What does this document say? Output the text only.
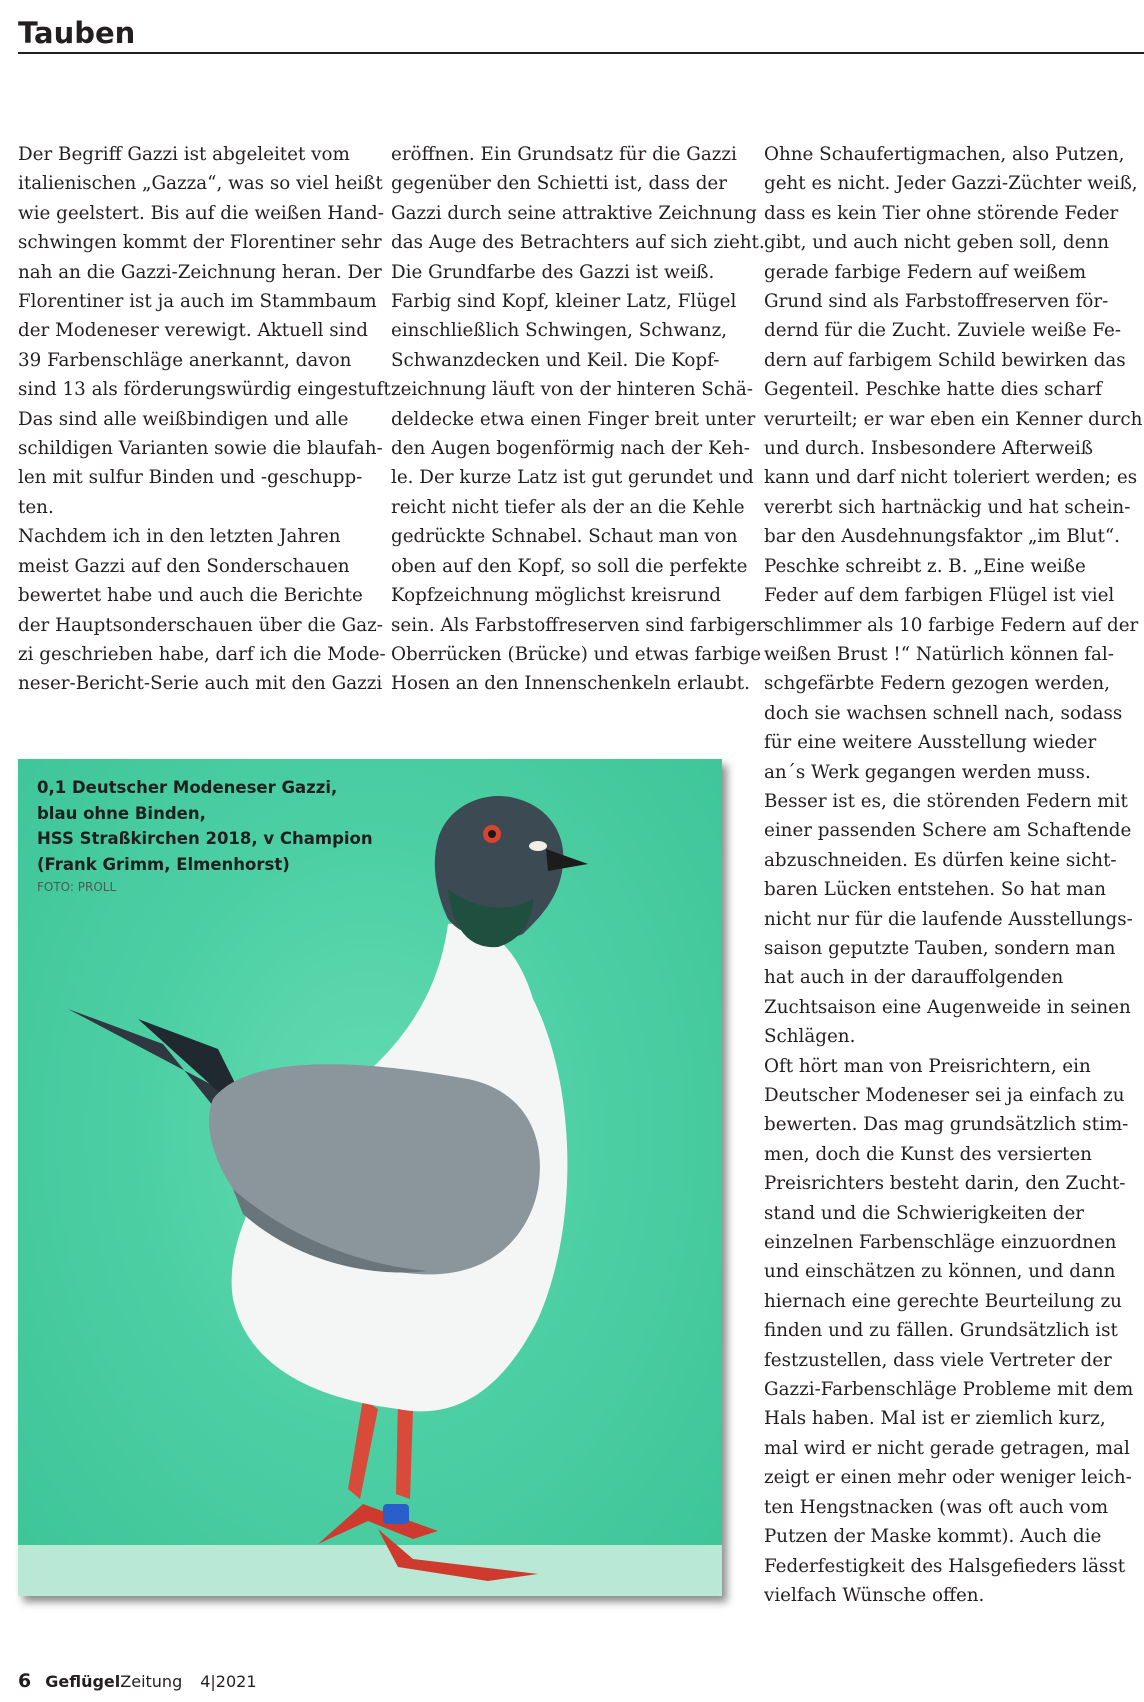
Tauben
Der Begriff Gazzi ist abgeleitet vom
italienischen „Gazza“, was so viel heißt
wie geelstert. Bis auf die weißen Hand-
schwingen kommt der Florentiner sehr
nah an die Gazzi-Zeichnung heran. Der
Florentiner ist ja auch im Stammbaum
der Modeneser verewigt. Aktuell sind
39 Farbenschläge anerkannt, davon
sind 13 als förderungswürdig eingestuft.
Das sind alle weißbindigen und alle
schildigen Varianten sowie die blaufah-
len mit sulfur Binden und -geschupp-
ten.
Nachdem ich in den letzten Jahren
meist Gazzi auf den Sonderschauen
bewertet habe und auch die Berichte
der Hauptsonderschauen über die Gaz-
zi geschrieben habe, darf ich die Mode-
neser-Bericht-Serie auch mit den Gazzi
eröffnen. Ein Grundsatz für die Gazzi
gegenüber den Schietti ist, dass der
Gazzi durch seine attraktive Zeichnung
das Auge des Betrachters auf sich zieht.
Die Grundfarbe des Gazzi ist weiß.
Farbig sind Kopf, kleiner Latz, Flügel
einschließlich Schwingen, Schwanz,
Schwanzdecken und Keil. Die Kopf-
zeichnung läuft von der hinteren Schä-
deldecke etwa einen Finger breit unter
den Augen bogenförmig nach der Keh-
le. Der kurze Latz ist gut gerundet und
reicht nicht tiefer als der an die Kehle
gedrückte Schnabel. Schaut man von
oben auf den Kopf, so soll die perfekte
Kopfzeichnung möglichst kreisrund
sein. Als Farbstoffreserven sind farbiger
Oberrücken (Brücke) und etwas farbige
Hosen an den Innenschenkeln erlaubt.
Ohne Schaufertigmachen, also Putzen,
geht es nicht. Jeder Gazzi-Züchter weiß,
dass es kein Tier ohne störende Feder
gibt, und auch nicht geben soll, denn
gerade farbige Federn auf weißem
Grund sind als Farbstoffreserven för-
dernd für die Zucht. Zuviele weiße Fe-
dern auf farbigem Schild bewirken das
Gegenteil. Peschke hatte dies scharf
verurteilt; er war eben ein Kenner durch
und durch. Insbesondere Afterweiß
kann und darf nicht toleriert werden; es
vererbt sich hartnäckig und hat schein-
bar den Ausdehnungsfaktor „im Blut“.
Peschke schreibt z. B. „Eine weiße
Feder auf dem farbigen Flügel ist viel
schlimmer als 10 farbige Federn auf der
weißen Brust !“ Natürlich können fal-
schgefärbte Federn gezogen werden,
doch sie wachsen schnell nach, sodass
für eine weitere Ausstellung wieder
an´s Werk gegangen werden muss.
Besser ist es, die störenden Federn mit
einer passenden Schere am Schaftende
abzuschneiden. Es dürfen keine sicht-
baren Lücken entstehen. So hat man
nicht nur für die laufende Ausstellungs-
saison geputzte Tauben, sondern man
hat auch in der darauffolgenden
Zuchtsaison eine Augenweide in seinen
Schlägen.
Oft hört man von Preisrichtern, ein
Deutscher Modeneser sei ja einfach zu
bewerten. Das mag grundsätzlich stim-
men, doch die Kunst des versierten
Preisrichters besteht darin, den Zucht-
stand und die Schwierigkeiten der
einzelnen Farbenschläge einzuordnen
und einschätzen zu können, und dann
hiernach eine gerechte Beurteilung zu
finden und zu fällen. Grundsätzlich ist
festzustellen, dass viele Vertreter der
Gazzi-Farbenschläge Probleme mit dem
Hals haben. Mal ist er ziemlich kurz,
mal wird er nicht gerade getragen, mal
zeigt er einen mehr oder weniger leich-
ten Hengstnacken (was oft auch vom
Putzen der Maske kommt). Auch die
Federfestigkeit des Halsgefieders lässt
vielfach Wünsche offen.
0,1 Deutscher Modeneser Gazzi,
blau ohne Binden,
HSS Straßkirchen 2018, v Champion
(Frank Grimm, Elmenhorst)
FOTO: PROLL
6 GeflügelZeitung 4|2021
